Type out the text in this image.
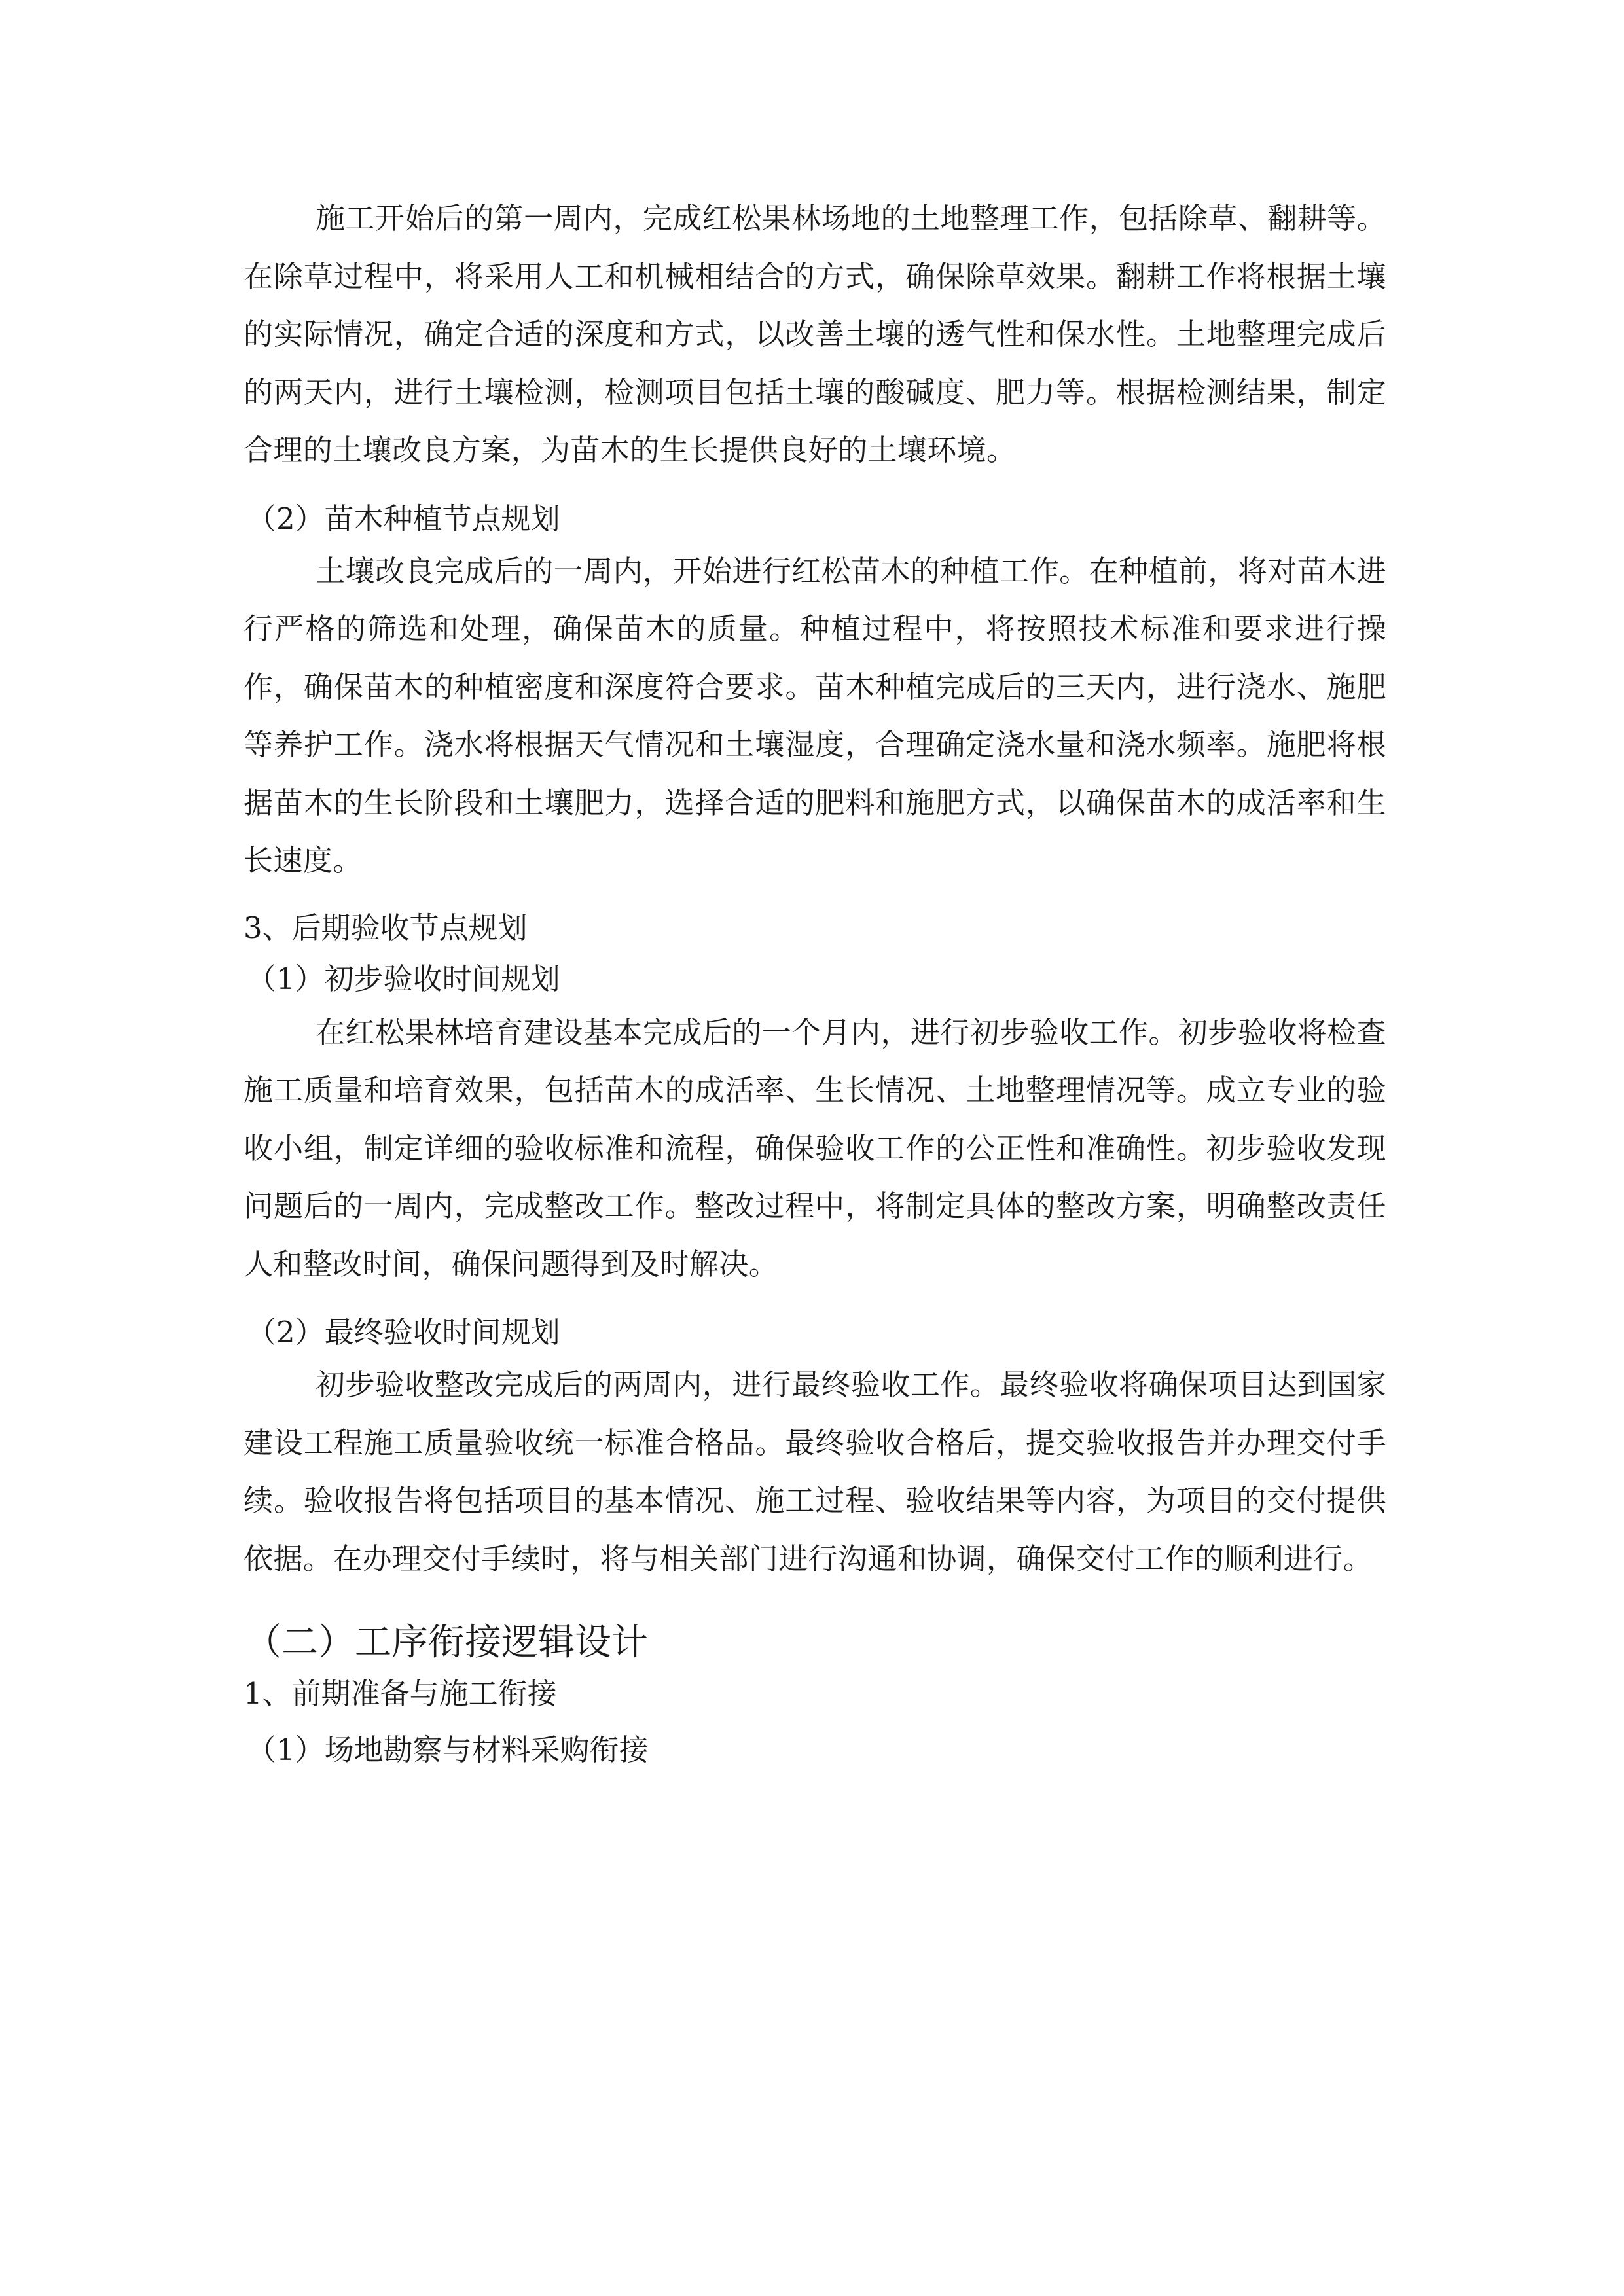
施工开始后的第一周内，完成红松果林场地的土地整理工作，包括除草、翻耕等。在除草过程中，将采用人工和机械相结合的方式，确保除草效果。翻耕工作将根据土壤的实际情况，确定合适的深度和方式，以改善土壤的透气性和保水性。土地整理完成后的两天内，进行土壤检测，检测项目包括土壤的酸碱度、肥力等。根据检测结果，制定合理的土壤改良方案，为苗木的生长提供良好的土壤环境。

（2）苗木种植节点规划

土壤改良完成后的一周内，开始进行红松苗木的种植工作。在种植前，将对苗木进行严格的筛选和处理，确保苗木的质量。种植过程中，将按照技术标准和要求进行操作，确保苗木的种植密度和深度符合要求。苗木种植完成后的三天内，进行浇水、施肥等养护工作。浇水将根据天气情况和土壤湿度，合理确定浇水量和浇水频率。施肥将根据苗木的生长阶段和土壤肥力，选择合适的肥料和施肥方式，以确保苗木的成活率和生长速度。

3、后期验收节点规划

（1）初步验收时间规划

在红松果林培育建设基本完成后的一个月内，进行初步验收工作。初步验收将检查施工质量和培育效果，包括苗木的成活率、生长情况、土地整理情况等。成立专业的验收小组，制定详细的验收标准和流程，确保验收工作的公正性和准确性。初步验收发现问题后的一周内，完成整改工作。整改过程中，将制定具体的整改方案，明确整改责任人和整改时间，确保问题得到及时解决。

（2）最终验收时间规划

初步验收整改完成后的两周内，进行最终验收工作。最终验收将确保项目达到国家建设工程施工质量验收统一标准合格品。最终验收合格后，提交验收报告并办理交付手续。验收报告将包括项目的基本情况、施工过程、验收结果等内容，为项目的交付提供依据。在办理交付手续时，将与相关部门进行沟通和协调，确保交付工作的顺利进行。

（二）工序衔接逻辑设计

1、前期准备与施工衔接

（1）场地勘察与材料采购衔接
